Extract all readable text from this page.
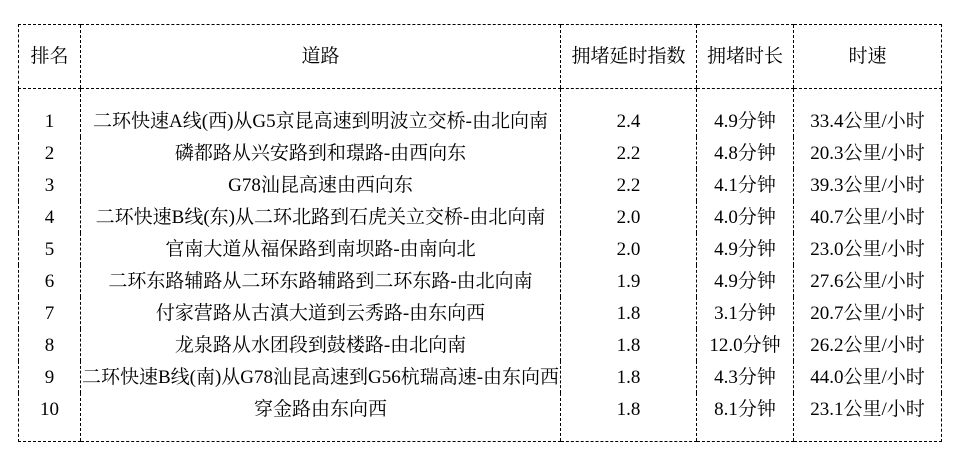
排名	道路	拥堵延时指数	拥堵时长	时速
1	二环快速A线(西)从G5京昆高速到明波立交桥-由北向南	2.4	4.9分钟	33.4公里/小时
2	磷都路从兴安路到和璟路-由西向东	2.2	4.8分钟	20.3公里/小时
3	G78汕昆高速由西向东	2.2	4.1分钟	39.3公里/小时
4	二环快速B线(东)从二环北路到石虎关立交桥-由北向南	2.0	4.0分钟	40.7公里/小时
5	官南大道从福保路到南坝路-由南向北	2.0	4.9分钟	23.0公里/小时
6	二环东路辅路从二环东路辅路到二环东路-由北向南	1.9	4.9分钟	27.6公里/小时
7	付家营路从古滇大道到云秀路-由东向西	1.8	3.1分钟	20.7公里/小时
8	龙泉路从水团段到鼓楼路-由北向南	1.8	12.0分钟	26.2公里/小时
9	二环快速B线(南)从G78汕昆高速到G56杭瑞高速-由东向西	1.8	4.3分钟	44.0公里/小时
10	穿金路由东向西	1.8	8.1分钟	23.1公里/小时
